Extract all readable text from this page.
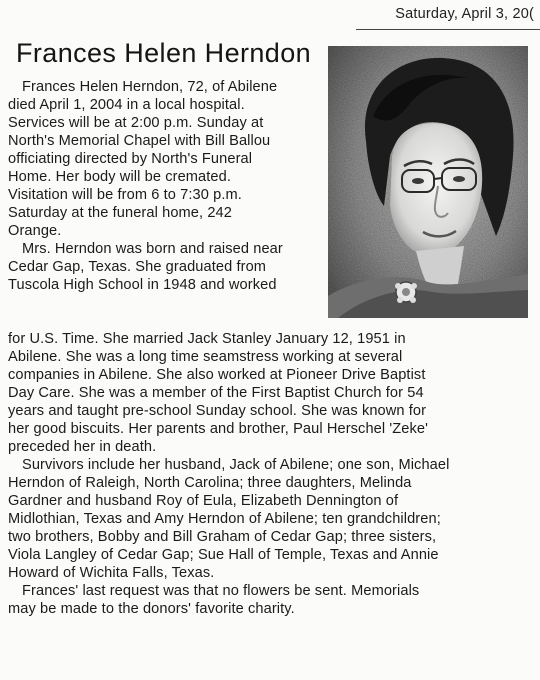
Saturday, April 3, 20(
Frances Helen Herndon
Frances Helen Herndon, 72, of Abilene
died April 1, 2004 in a local hospital.
Services will be at 2:00 p.m. Sunday at
North's Memorial Chapel with Bill Ballou
officiating directed by North's Funeral
Home. Her body will be cremated.
Visitation will be from 6 to 7:30 p.m.
Saturday at the funeral home, 242
Orange.
Mrs. Herndon was born and raised near
Cedar Gap, Texas. She graduated from
Tuscola High School in 1948 and worked
for U.S. Time. She married Jack Stanley January 12, 1951 in
Abilene. She was a long time seamstress working at several
companies in Abilene. She also worked at Pioneer Drive Baptist
Day Care. She was a member of the First Baptist Church for 54
years and taught pre-school Sunday school. She was known for
her good biscuits. Her parents and brother, Paul Herschel 'Zeke'
preceded her in death.
Survivors include her husband, Jack of Abilene; one son, Michael
Herndon of Raleigh, North Carolina; three daughters, Melinda
Gardner and husband Roy of Eula, Elizabeth Dennington of
Midlothian, Texas and Amy Herndon of Abilene; ten grandchildren;
two brothers, Bobby and Bill Graham of Cedar Gap; three sisters,
Viola Langley of Cedar Gap; Sue Hall of Temple, Texas and Annie
Howard of Wichita Falls, Texas.
Frances' last request was that no flowers be sent. Memorials
may be made to the donors' favorite charity.
